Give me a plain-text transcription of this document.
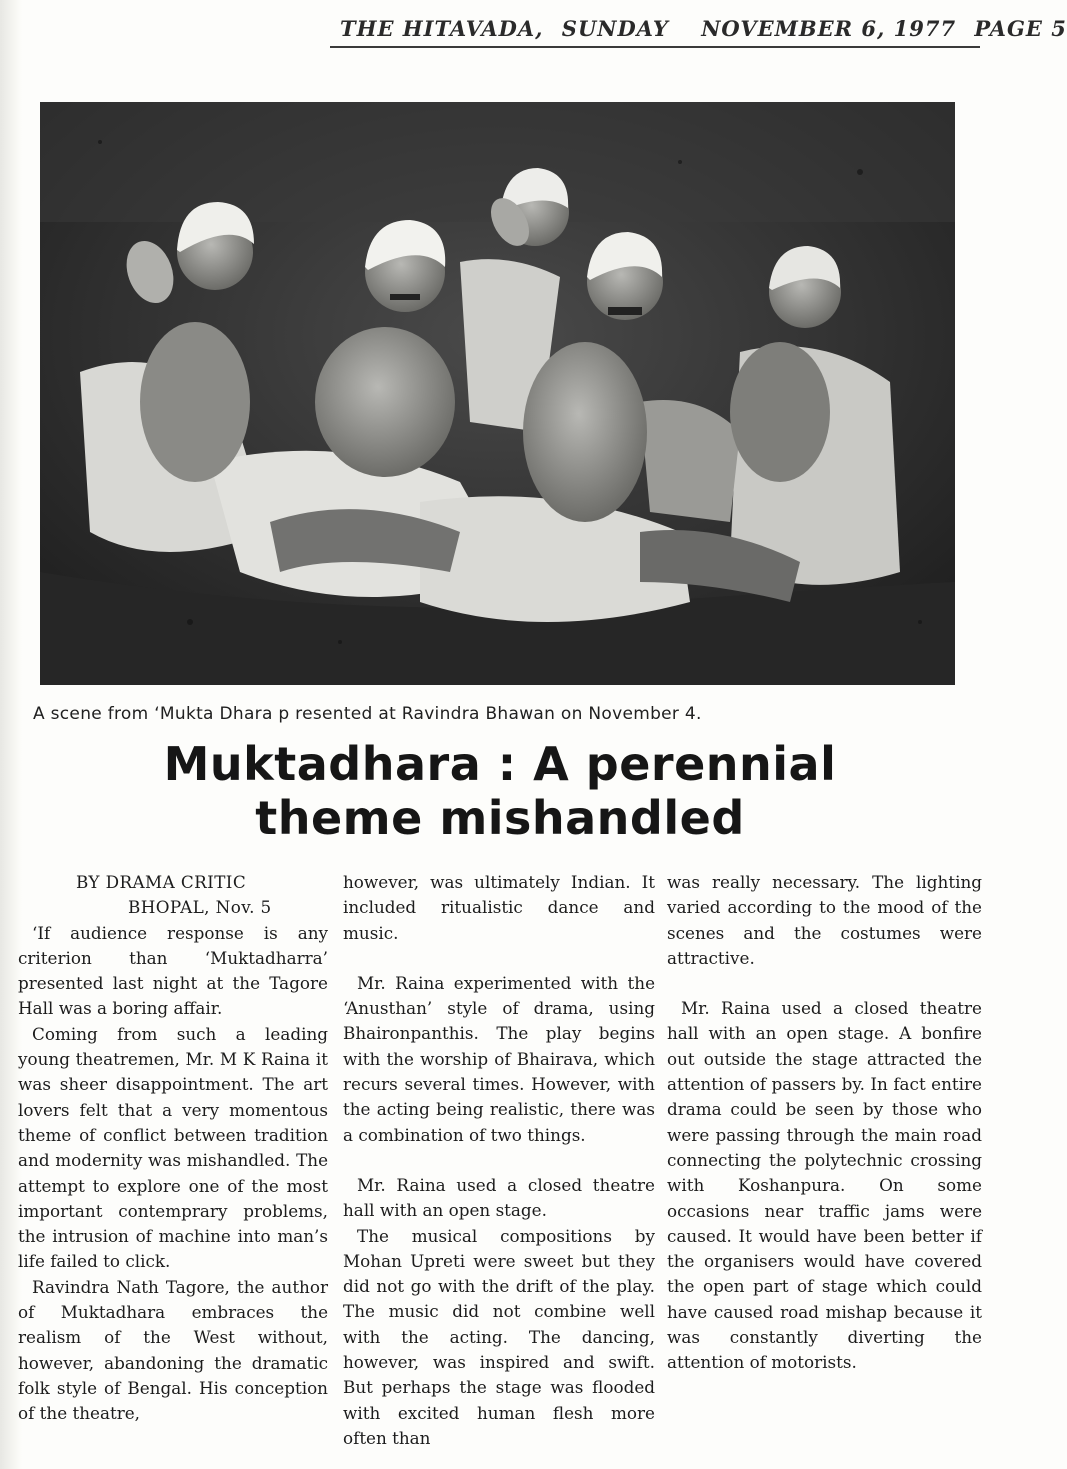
THE HITAVADA, SUNDAY NOVEMBER 6, 1977 PAGE 5
A scene from ‘Mukta Dhara p resented at Ravindra Bhawan on November 4.
Muktadhara : A perennial
theme mishandled
BY DRAMA CRITIC
BHOPAL, Nov. 5

‘If audience response is any criterion than ‘Muktadharra’ presented last night at the Tagore Hall was a boring affair.

Coming from such a leading young theatremen, Mr. M K Raina it was sheer disappointment. The art lovers felt that a very momentous theme of conflict between tradition and modernity was mishandled. The attempt to explore one of the most important contemprary problems, the intrusion of machine into man’s life failed to click.

Ravindra Nath Tagore, the author of Muktadhara embraces the realism of the West without, however, abandoning the dramatic folk style of Bengal. His conception of the theatre,

however, was ultimately Indian. It included ritualistic dance and music.

Mr. Raina experimented with the ‘Anusthan’ style of drama, using Bhaironpanthis. The play begins with the worship of Bhairava, which recurs several times. However, with the acting being realistic, there was a combination of two things.

Mr. Raina used a closed theatre hall with an open stage.

The musical compositions by Mohan Upreti were sweet but they did not go with the drift of the play. The music did not combine well with the acting. The dancing, however, was inspired and swift. But perhaps the stage was flooded with excited human flesh more often than

was really necessary. The lighting varied according to the mood of the scenes and the costumes were attractive.

Mr. Raina used a closed theatre hall with an open stage. A bonfire out outside the stage attracted the attention of passers by. In fact entire drama could be seen by those who were passing through the main road connecting the polytechnic crossing with Koshanpura. On some occasions near traffic jams were caused. It would have been better if the organisers would have covered the open part of stage which could have caused road mishap because it was constantly diverting the attention of motorists.
